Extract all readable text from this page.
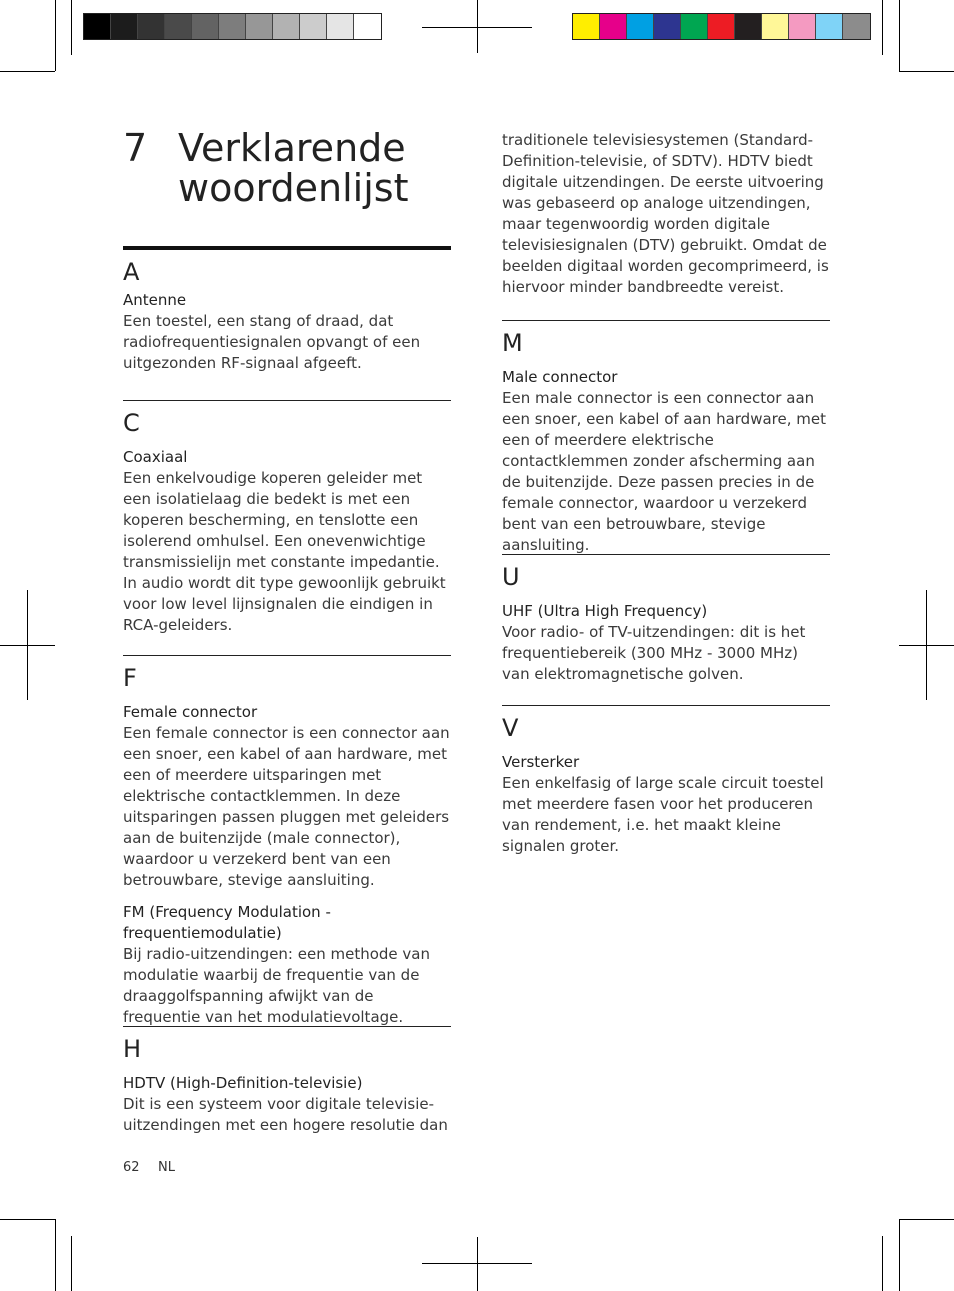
7 Verklarende woordenlijst
A
Antenne
Een toestel, een stang of draad, dat radiofrequentiesignalen opvangt of een uitgezonden RF-signaal afgeeft.
C
Coaxiaal
Een enkelvoudige koperen geleider met een isolatielaag die bedekt is met een koperen bescherming, en tenslotte een isolerend omhulsel. Een onevenwichtige transmissielijn met constante impedantie. In audio wordt dit type gewoonlijk gebruikt voor low level lijnsignalen die eindigen in RCA-geleiders.
F
Female connector
Een female connector is een connector aan een snoer, een kabel of aan hardware, met een of meerdere uitsparingen met elektrische contactklemmen. In deze uitsparingen passen pluggen met geleiders aan de buitenzijde (male connector), waardoor u verzekerd bent van een betrouwbare, stevige aansluiting.
FM (Frequency Modulation - frequentiemodulatie)
Bij radio-uitzendingen: een methode van modulatie waarbij de frequentie van de draaggolfspanning afwijkt van de frequentie van het modulatievoltage.
H
HDTV (High-Definition-televisie)
Dit is een systeem voor digitale televisie-uitzendingen met een hogere resolutie dan
traditionele televisiesystemen (Standard-Definition-televisie, of SDTV). HDTV biedt digitale uitzendingen. De eerste uitvoering was gebaseerd op analoge uitzendingen, maar tegenwoordig worden digitale televisiesignalen (DTV) gebruikt. Omdat de beelden digitaal worden gecomprimeerd, is hiervoor minder bandbreedte vereist.
M
Male connector
Een male connector is een connector aan een snoer, een kabel of aan hardware, met een of meerdere elektrische contactklemmen zonder afscherming aan de buitenzijde. Deze passen precies in de female connector, waardoor u verzekerd bent van een betrouwbare, stevige aansluiting.
U
UHF (Ultra High Frequency)
Voor radio- of TV-uitzendingen: dit is het frequentiebereik (300 MHz - 3000 MHz) van elektromagnetische golven.
V
Versterker
Een enkelfasig of large scale circuit toestel met meerdere fasen voor het produceren van rendement, i.e. het maakt kleine signalen groter.
62 NL
